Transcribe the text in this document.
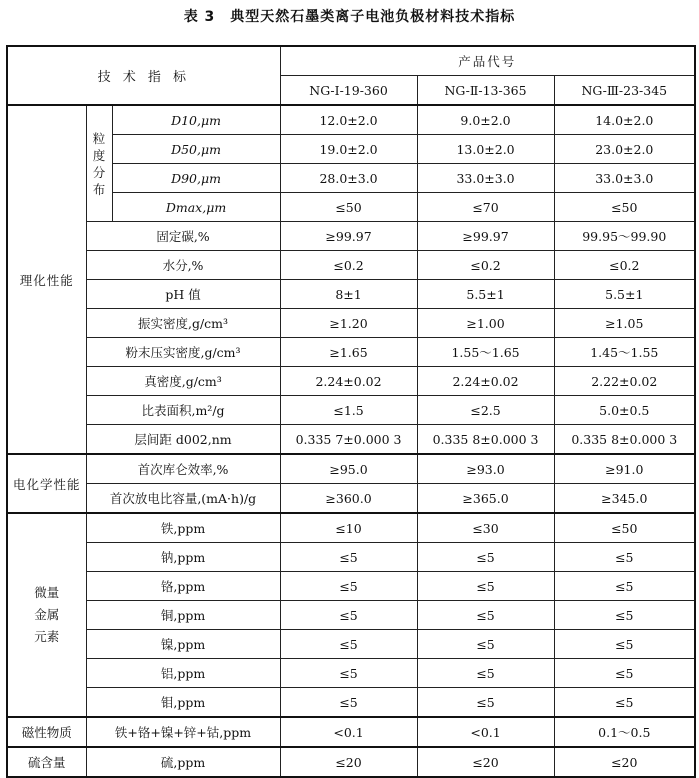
表 3　典型天然石墨类离子电池负极材料技术指标
技 术 指 标			产品代号		
			NG-Ⅰ-19-360	NG-Ⅱ-13-365	NG-Ⅲ-23-345
理化性能	粒度分布	D10,μm	12.0±2.0	9.0±2.0	14.0±2.0
		D50,μm	19.0±2.0	13.0±2.0	23.0±2.0
		D90,μm	28.0±3.0	33.0±3.0	33.0±3.0
		Dmax,μm	≤50	≤70	≤50
	固定碳,%		≥99.97	≥99.97	99.95～99.90
	水分,%		≤0.2	≤0.2	≤0.2
	pH 值		8±1	5.5±1	5.5±1
	振实密度,g/cm³		≥1.20	≥1.00	≥1.05
	粉末压实密度,g/cm³		≥1.65	1.55～1.65	1.45～1.55
	真密度,g/cm³		2.24±0.02	2.24±0.02	2.22±0.02
	比表面积,m²/g		≤1.5	≤2.5	5.0±0.5
	层间距 d002,nm		0.335 7±0.000 3	0.335 8±0.000 3	0.335 8±0.000 3
电化学性能	首次库仑效率,%		≥95.0	≥93.0	≥91.0
	首次放电比容量,(mA·h)/g		≥360.0	≥365.0	≥345.0
微量金属元素	铁,ppm		≤10	≤30	≤50
	钠,ppm		≤5	≤5	≤5
	铬,ppm		≤5	≤5	≤5
	铜,ppm		≤5	≤5	≤5
	镍,ppm		≤5	≤5	≤5
	铝,ppm		≤5	≤5	≤5
	钼,ppm		≤5	≤5	≤5
磁性物质	铁+铬+镍+锌+钴,ppm		<0.1	<0.1	0.1～0.5
硫含量	硫,ppm		≤20	≤20	≤20
